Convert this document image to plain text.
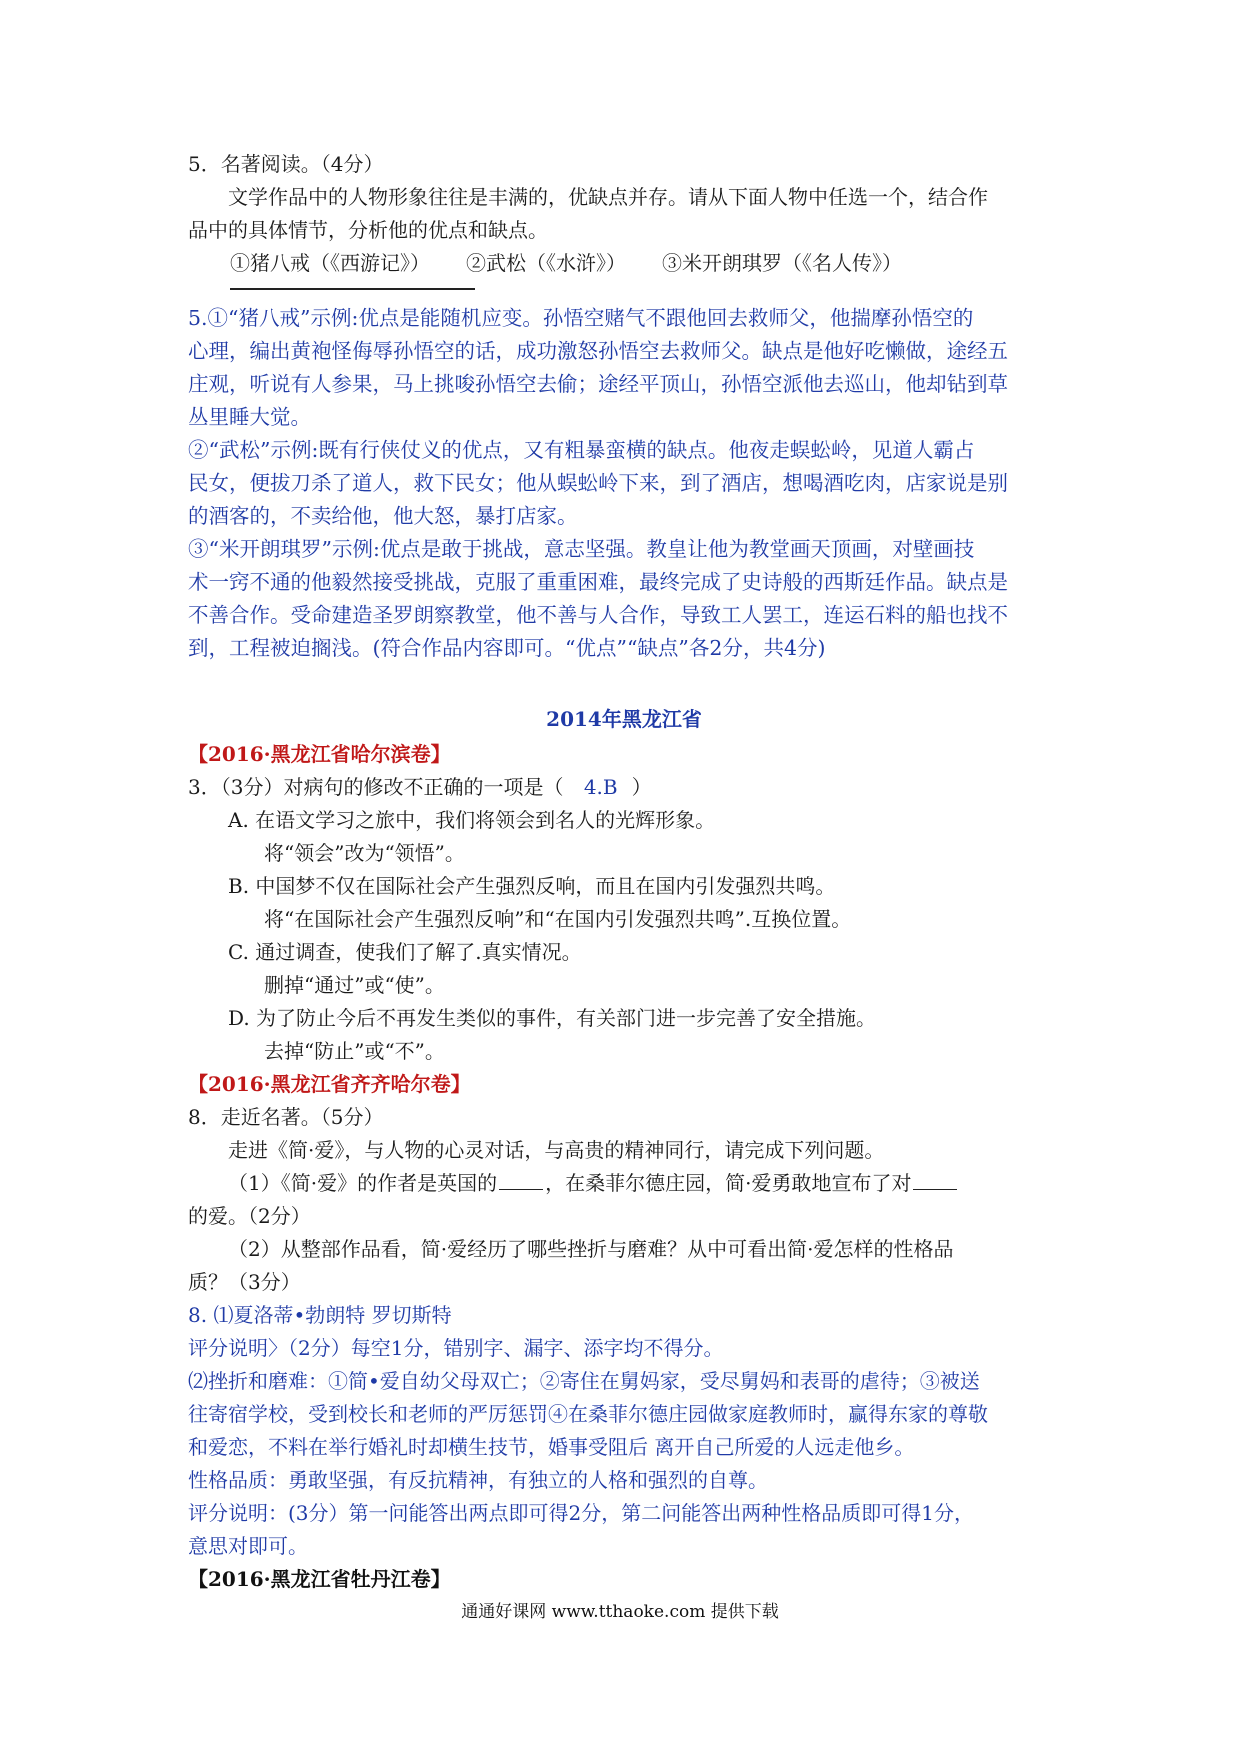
5．名著阅读。（4分）
文学作品中的人物形象往往是丰满的，优缺点并存。请从下面人物中任选一个，结合作
品中的具体情节，分析他的优点和缺点。
①猪八戒（《西游记》） ②武松（《水浒》） ③米开朗琪罗（《名人传》）

5.①“猪八戒”示例:优点是能随机应变。孙悟空赌气不跟他回去救师父，他揣摩孙悟空的

心理，编出黄袍怪侮辱孙悟空的话，成功激怒孙悟空去救师父。缺点是他好吃懒做，途经五

庄观，听说有人参果，马上挑唆孙悟空去偷；途经平顶山，孙悟空派他去巡山，他却钻到草

丛里睡大觉。

②“武松”示例:既有行侠仗义的优点，又有粗暴蛮横的缺点。他夜走蜈蚣岭，见道人霸占

民女，便拔刀杀了道人，救下民女；他从蜈蚣岭下来，到了酒店，想喝酒吃肉，店家说是别

的酒客的，不卖给他，他大怒，暴打店家。

③“米开朗琪罗”示例:优点是敢于挑战，意志坚强。教皇让他为教堂画天顶画，对壁画技

术一窍不通的他毅然接受挑战，克服了重重困难，最终完成了史诗般的西斯廷作品。缺点是

不善合作。受命建造圣罗朗察教堂，他不善与人合作，导致工人罢工，连运石料的船也找不

到，工程被迫搁浅。(符合作品内容即可。“优点”“缺点”各2分，共4分)

2014年黑龙江省
【2016·黑龙江省哈尔滨卷】
3．（3分）对病句的修改不正确的一项是（ 4.B ）
A. 在语文学习之旅中，我们将领会到名人的光辉形象。
将“领会”改为“领悟”。
B. 中国梦不仅在国际社会产生强烈反响，而且在国内引发强烈共鸣。
将“在国际社会产生强烈反响”和“在国内引发强烈共鸣”.互换位置。
C. 通过调查，使我们了解了.真实情况。
删掉“通过”或“使”。
D. 为了防止今后不再发生类似的事件，有关部门进一步完善了安全措施。
去掉“防止”或“不”。
【2016·黑龙江省齐齐哈尔卷】
8．走近名著。（5分）
走进《简·爱》，与人物的心灵对话，与高贵的精神同行，请完成下列问题。
（1）《简·爱》的作者是英国的 ，在桑菲尔德庄园，简·爱勇敢地宣布了对
的爱。（2分）
（2）从整部作品看，简·爱经历了哪些挫折与磨难？从中可看出简·爱怎样的性格品
质？（3分）
8. ⑴夏洛蒂•勃朗特 罗切斯特
评分说明〉（2分）每空1分，错别字、漏字、添字均不得分。
⑵挫折和磨难：①简•爱自幼父母双亡；②寄住在舅妈家，受尽舅妈和表哥的虐待；③被送
往寄宿学校，受到校长和老师的严厉惩罚④在桑菲尔德庄园做家庭教师时，赢得东家的尊敬
和爱恋，不料在举行婚礼时却横生技节，婚事受阻后 离开自己所爱的人远走他乡。
性格品质：勇敢坚强，有反抗精神，有独立的人格和强烈的自尊。
评分说明：(3分）第一问能答出两点即可得2分，第二问能答出两种性格品质即可得1分，
意思对即可。
【2016·黑龙江省牡丹江卷】
通通好课网 www.tthaoke.com 提供下载
